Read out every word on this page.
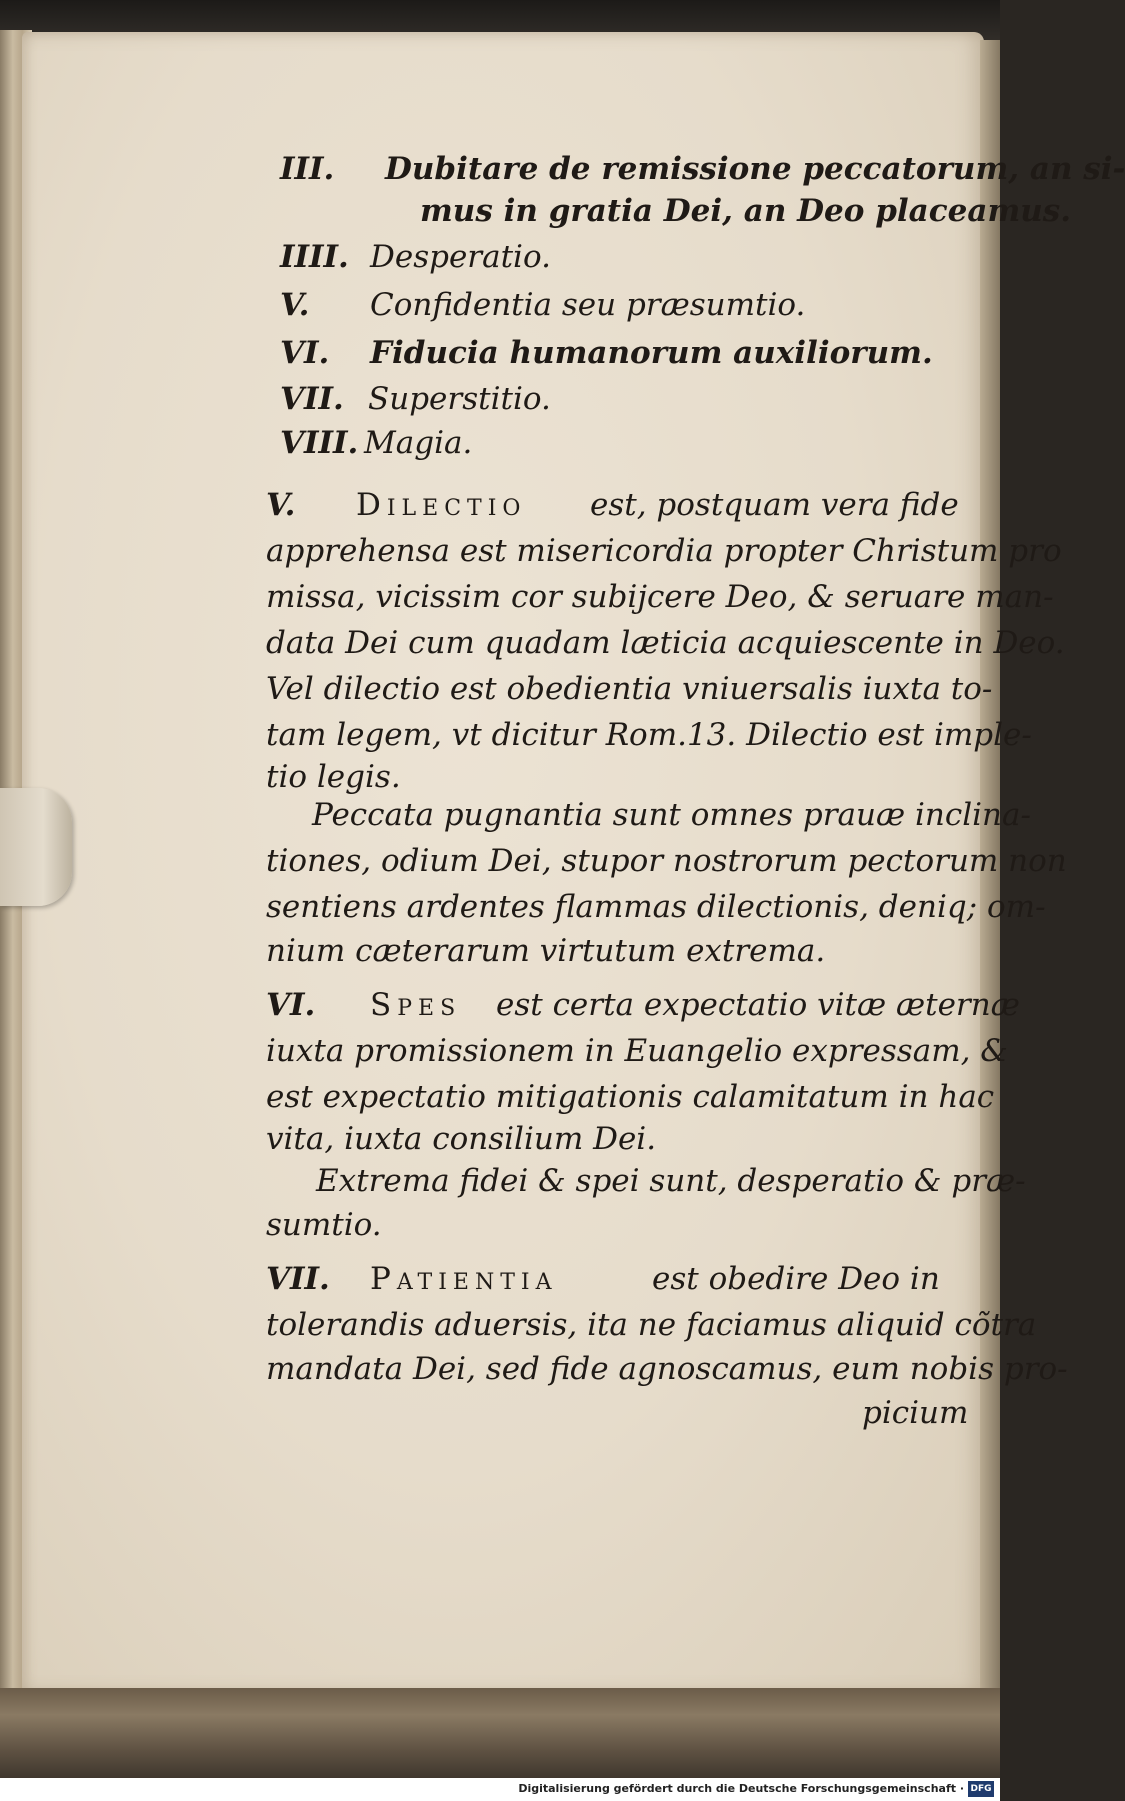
III. Dubitare de remissione peccatorum, an si-
mus in gratia Dei, an Deo placeamus.
IIII. Desperatio.
V. Confidentia seu præsumtio.
VI. Fiducia humanorum auxiliorum.
VII. Superstitio.
VIII. Magia.
V. Dilectio est, postquam vera fide
apprehensa est misericordia propter Christum pro
missa, vicissim cor subijcere Deo, & seruare man-
data Dei cum quadam læticia acquiescente in Deo.
Vel dilectio est obedientia vniuersalis iuxta to-
tam legem, vt dicitur Rom.13. Dilectio est imple-
tio legis.
Peccata pugnantia sunt omnes prauæ inclina-
tiones, odium Dei, stupor nostrorum pectorum non
sentiens ardentes flammas dilectionis, deniq; om-
nium cæterarum virtutum extrema.
VI. Spes est certa expectatio vitæ æternæ
iuxta promissionem in Euangelio expressam, &
est expectatio mitigationis calamitatum in hac
vita, iuxta consilium Dei.
Extrema fidei & spei sunt, desperatio & præ-
sumtio.
VII. Patientia	est obedire Deo in
tolerandis aduersis, ita ne faciamus aliquid cõtra
mandata Dei, sed fide agnoscamus, eum nobis pro-
picium
Digitalisierung gefördert durch die Deutsche Forschungsgemeinschaft · DFG
